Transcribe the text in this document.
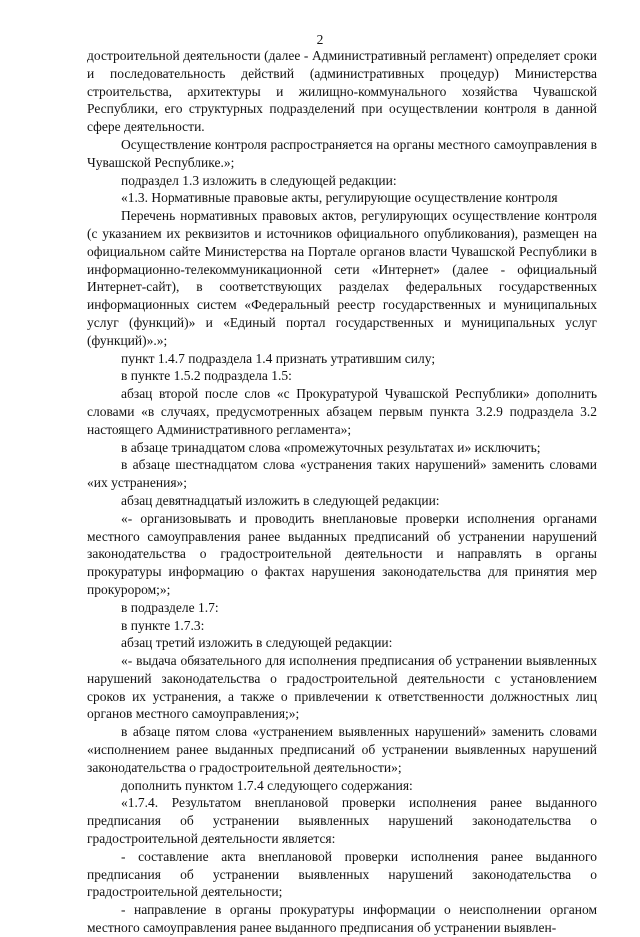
2

достроительной деятельности (далее - Административный регламент) определяет сроки и последовательность действий (административных процедур) Министерства строительства, архитектуры и жилищно-коммунального хозяйства Чувашской Республики, его структурных подразделений при осуществлении контроля в данной сфере деятельности.

Осуществление контроля распространяется на органы местного самоуправления в Чувашской Республике.»;

подраздел 1.3 изложить в следующей редакции:

«1.3. Нормативные правовые акты, регулирующие осуществление контроля

Перечень нормативных правовых актов, регулирующих осуществление контроля (с указанием их реквизитов и источников официального опубликования), размещен на официальном сайте Министерства на Портале органов власти Чувашской Республики в информационно-телекоммуникационной сети «Интернет» (далее - официальный Интернет-сайт), в соответствующих разделах федеральных государственных информационных систем «Федеральный реестр государственных и муниципальных услуг (функций)» и «Единый портал государственных и муниципальных услуг (функций)».»;

пункт 1.4.7 подраздела 1.4 признать утратившим силу;

в пункте 1.5.2 подраздела 1.5:

абзац второй после слов «с Прокуратурой Чувашской Республики» дополнить словами «в случаях, предусмотренных абзацем первым пункта 3.2.9 подраздела 3.2 настоящего Административного регламента»;

в абзаце тринадцатом слова «промежуточных результатах и» исключить;

в абзаце шестнадцатом слова «устранения таких нарушений» заменить словами «их устранения»;

абзац девятнадцатый изложить в следующей редакции:

«- организовывать и проводить внеплановые проверки исполнения органами местного самоуправления ранее выданных предписаний об устранении нарушений законодательства о градостроительной деятельности и направлять в органы прокуратуры информацию о фактах нарушения законодательства для принятия мер прокурором;»;

в подразделе 1.7:

в пункте 1.7.3:

абзац третий изложить в следующей редакции:

«- выдача обязательного для исполнения предписания об устранении выявленных нарушений законодательства о градостроительной деятельности с установлением сроков их устранения, а также о привлечении к ответственности должностных лиц органов местного самоуправления;»;

в абзаце пятом слова «устранением выявленных нарушений» заменить словами «исполнением ранее выданных предписаний об устранении выявленных нарушений законодательства о градостроительной деятельности»;

дополнить пунктом 1.7.4 следующего содержания:

«1.7.4. Результатом внеплановой проверки исполнения ранее выданного предписания об устранении выявленных нарушений законодательства о градостроительной деятельности является:

- составление акта внеплановой проверки исполнения ранее выданного предписания об устранении выявленных нарушений законодательства о градостроительной деятельности;

- направление в органы прокуратуры информации о неисполнении органом местного самоуправления ранее выданного предписания об устранении выявлен-
